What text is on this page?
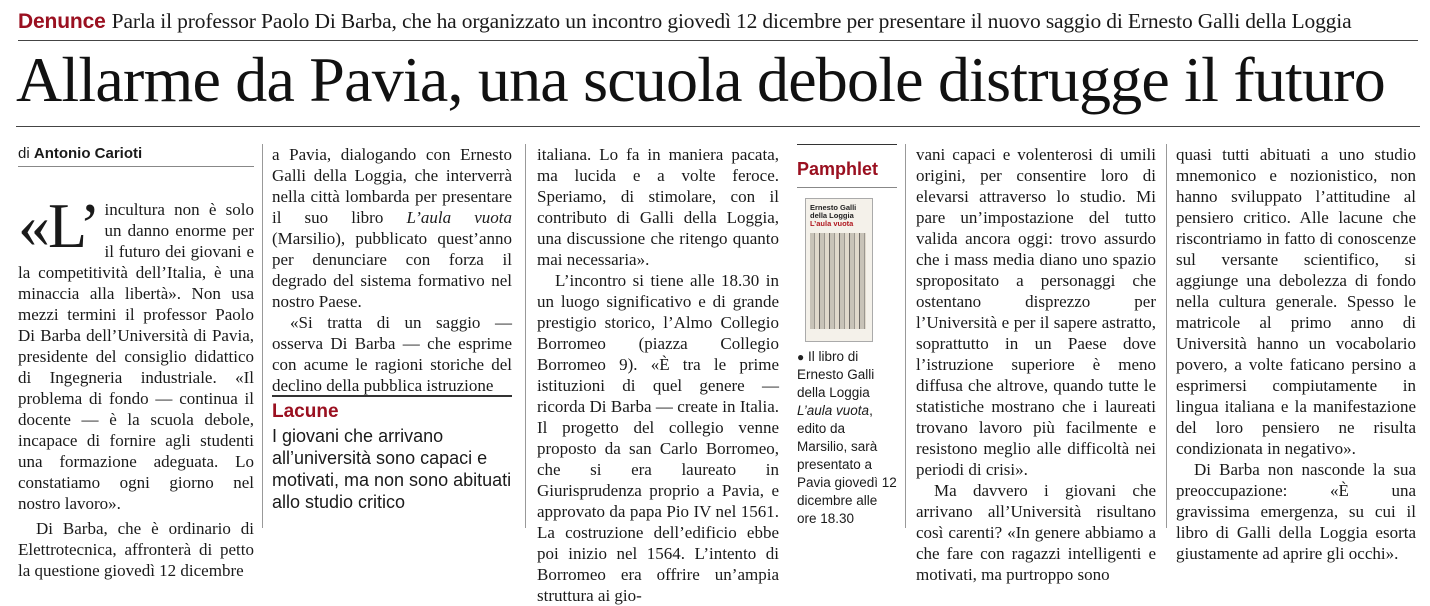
Denunce Parla il professor Paolo Di Barba, che ha organizzato un incontro giovedì 12 dicembre per presentare il nuovo saggio di Ernesto Galli della Loggia
Allarme da Pavia, una scuola debole distrugge il futuro
di Antonio Carioti

«L’ incultura non è solo un danno enorme per il futuro dei giovani e la competitività dell’Italia, è una minaccia alla libertà». Non usa mezzi termini il professor Paolo Di Barba dell’Università di Pavia, presidente del consiglio didattico di Ingegneria industriale. «Il problema di fondo — continua il docente — è la scuola debole, incapace di fornire agli studenti una formazione adeguata. Lo constatiamo ogni giorno nel nostro lavoro».

Di Barba, che è ordinario di Elettrotecnica, affronterà di petto la questione giovedì 12 dicembre

a Pavia, dialogando con Ernesto Galli della Loggia, che interverrà nella città lombarda per presentare il suo libro L’aula vuota (Marsilio), pubblicato quest’anno per denunciare con forza il degrado del sistema formativo nel nostro Paese.

«Si tratta di un saggio — osserva Di Barba — che esprime con acume le ragioni storiche del declino della pubblica istruzione

Lacune
I giovani che arrivano all’università sono capaci e motivati, ma non sono abituati allo studio critico

italiana. Lo fa in maniera pacata, ma lucida e a volte feroce. Speriamo, di stimolare, con il contributo di Galli della Loggia, una discussione che ritengo quanto mai necessaria».

L’incontro si tiene alle 18.30 in un luogo significativo e di grande prestigio storico, l’Almo Collegio Borromeo (piazza Collegio Borromeo 9). «È tra le prime istituzioni di quel genere — ricorda Di Barba — create in Italia. Il progetto del collegio venne proposto da san Carlo Borromeo, che si era laureato in Giurisprudenza proprio a Pavia, e approvato da papa Pio IV nel 1561. La costruzione dell’edificio ebbe poi inizio nel 1564. L’intento di Borromeo era offrire un’ampia struttura ai gio-

Pamphlet
Ernesto Galli della Loggia
L’aula vuota
● Il libro di Ernesto Galli della Loggia L’aula vuota, edito da Marsilio, sarà presentato a Pavia giovedì 12 dicembre alle ore 18.30

vani capaci e volenterosi di umili origini, per consentire loro di elevarsi attraverso lo studio. Mi pare un’impostazione del tutto valida ancora oggi: trovo assurdo che i mass media diano uno spazio spropositato a personaggi che ostentano disprezzo per l’Università e per il sapere astratto, soprattutto in un Paese dove l’istruzione superiore è meno diffusa che altrove, quando tutte le statistiche mostrano che i laureati trovano lavoro più facilmente e resistono meglio alle difficoltà nei periodi di crisi».

Ma davvero i giovani che arrivano all’Università risultano così carenti? «In genere abbiamo a che fare con ragazzi intelligenti e motivati, ma purtroppo sono

quasi tutti abituati a uno studio mnemonico e nozionistico, non hanno sviluppato l’attitudine al pensiero critico. Alle lacune che riscontriamo in fatto di conoscenze sul versante scientifico, si aggiunge una debolezza di fondo nella cultura generale. Spesso le matricole al primo anno di Università hanno un vocabolario povero, a volte faticano persino a esprimersi compiutamente in lingua italiana e la manifestazione del loro pensiero ne risulta condizionata in negativo».

Di Barba non nasconde la sua preoccupazione: «È una gravissima emergenza, su cui il libro di Galli della Loggia esorta giustamente ad aprire gli occhi».
